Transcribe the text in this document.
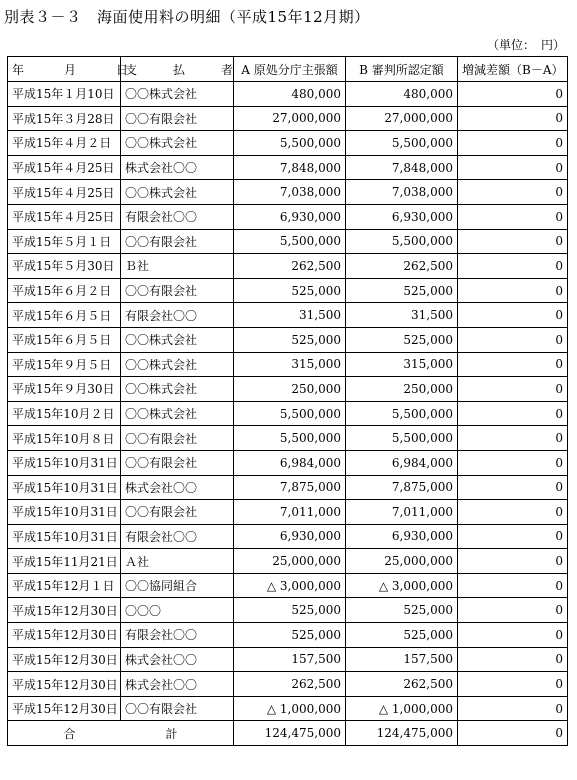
別表３－３　海面使用料の明細（平成15年12月期）
（単位：　円）
年　月　日	支　払　者	A 原処分庁主張額	B 審判所認定額	増減差額（B－A）
平成15年１月10日	〇〇株式会社	480,000	480,000	0
平成15年３月28日	〇〇有限会社	27,000,000	27,000,000	0
平成15年４月２日	〇〇株式会社	5,500,000	5,500,000	0
平成15年４月25日	株式会社〇〇	7,848,000	7,848,000	0
平成15年４月25日	〇〇株式会社	7,038,000	7,038,000	0
平成15年４月25日	有限会社〇〇	6,930,000	6,930,000	0
平成15年５月１日	〇〇有限会社	5,500,000	5,500,000	0
平成15年５月30日	Ｂ社	262,500	262,500	0
平成15年６月２日	〇〇有限会社	525,000	525,000	0
平成15年６月５日	有限会社〇〇	31,500	31,500	0
平成15年６月５日	〇〇株式会社	525,000	525,000	0
平成15年９月５日	〇〇株式会社	315,000	315,000	0
平成15年９月30日	〇〇株式会社	250,000	250,000	0
平成15年10月２日	〇〇株式会社	5,500,000	5,500,000	0
平成15年10月８日	〇〇有限会社	5,500,000	5,500,000	0
平成15年10月31日	〇〇有限会社	6,984,000	6,984,000	0
平成15年10月31日	株式会社〇〇	7,875,000	7,875,000	0
平成15年10月31日	〇〇有限会社	7,011,000	7,011,000	0
平成15年10月31日	有限会社〇〇	6,930,000	6,930,000	0
平成15年11月21日	Ａ社	25,000,000	25,000,000	0
平成15年12月１日	〇〇協同組合	△ 3,000,000	△ 3,000,000	0
平成15年12月30日	〇〇〇	525,000	525,000	0
平成15年12月30日	有限会社〇〇	525,000	525,000	0
平成15年12月30日	株式会社〇〇	157,500	157,500	0
平成15年12月30日	株式会社〇〇	262,500	262,500	0
平成15年12月30日	〇〇有限会社	△ 1,000,000	△ 1,000,000	0
合 計		124,475,000	124,475,000	0
